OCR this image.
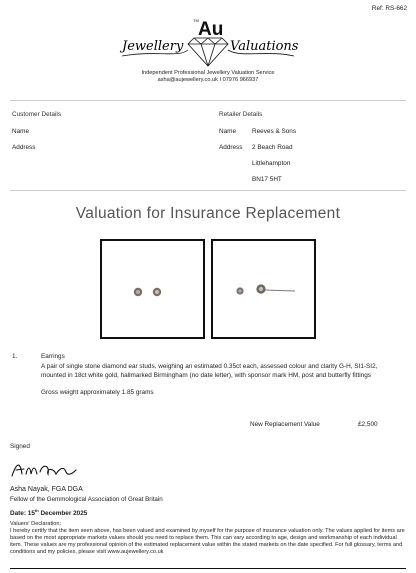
Ref: RS-662
Au
TM
Jewellery	Valuations
Independent Professional Jewellery Valuation Service
asha@aujewellery.co.uk I 07976 966937
Customer Details
Name
Address
Retailer Details
Name Reeves & Sons
Address 2 Beach Road
Littlehampton
BN17 5HT
Valuation for Insurance Replacement
1.	Earrings
A pair of single stone diamond ear studs, weighing an estimated 0.35ct each, assessed colour and clarity G-H, SI1-SI2, mounted in 18ct white gold, hallmarked Birmingham (no date letter), with sponsor mark HM, post and butterfly fittings
Gross weight approximately 1.85 grams
New Replacement Value	£2,500
Signed
Asha Nayak, FGA DGA
Fellow of the Gemmological Association of Great Britain
Date: 15th December 2025
Valuers' Declaration:
I hereby certify that the item seen above, has been valued and examined by myself for the purpose of insurance valuation only. The values applied for items are based on the most appropriate markets values should you need to replace them. This can vary according to age, design and workmanship of each individual item. These values are my professional opinion of the estimated replacement value within the stated markets on the date specified. For full glossary, terms and conditions and my policies, please visit www.aujewellery.co.uk
